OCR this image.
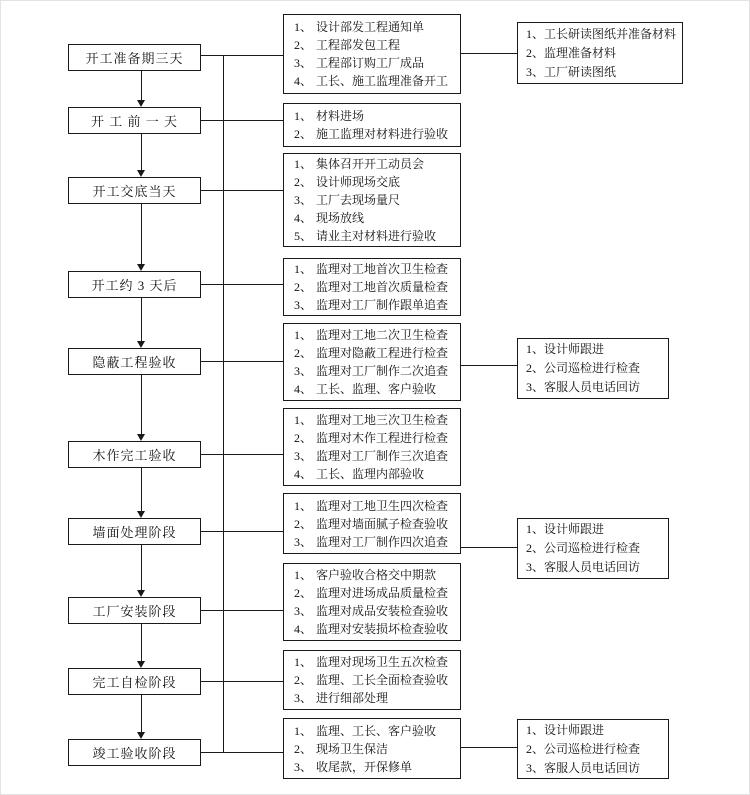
开工准备期三天
开 工 前 一 天
开工交底当天
开工约 3 天后
隐蔽工程验收
木作完工验收
墙面处理阶段
工厂安装阶段
完工自检阶段
竣工验收阶段
1、 设计部发工程通知单
2、 工程部发包工程
3、 工程部订购工厂成品
4、 工长、施工监理准备开工
1、 材料进场
2、 施工监理对材料进行验收
1、 集体召开开工动员会
2、 设计师现场交底
3、 工厂去现场量尺
4、 现场放线
5、 请业主对材料进行验收
1、 监理对工地首次卫生检查
2、 监理对工地首次质量检查
3、 监理对工厂制作跟单追查
1、 监理对工地二次卫生检查
2、 监理对隐蔽工程进行检查
3、 监理对工厂制作二次追查
4、 工长、监理、客户验收
1、 监理对工地三次卫生检查
2、 监理对木作工程进行检查
3、 监理对工厂制作三次追查
4、 工长、监理内部验收
1、 监理对工地卫生四次检查
2、 监理对墙面腻子检查验收
3、 监理对工厂制作四次追查
1、 客户验收合格交中期款
2、 监理对进场成品质量检查
3、 监理对成品安装检查验收
4、 监理对安装损坏检查验收
1、 监理对现场卫生五次检查
2、 监理、工长全面检查验收
3、 进行细部处理
1、 监理、工长、客户验收
2、 现场卫生保洁
3、 收尾款，开保修单
1、 工长研读图纸并准备材料
2、 监理准备材料
3、 工厂研读图纸
1、 设计师跟进
2、 公司巡检进行检查
3、 客服人员电话回访
1、 设计师跟进
2、 公司巡检进行检查
3、 客服人员电话回访
1、 设计师跟进
2、 公司巡检进行检查
3、 客服人员电话回访
